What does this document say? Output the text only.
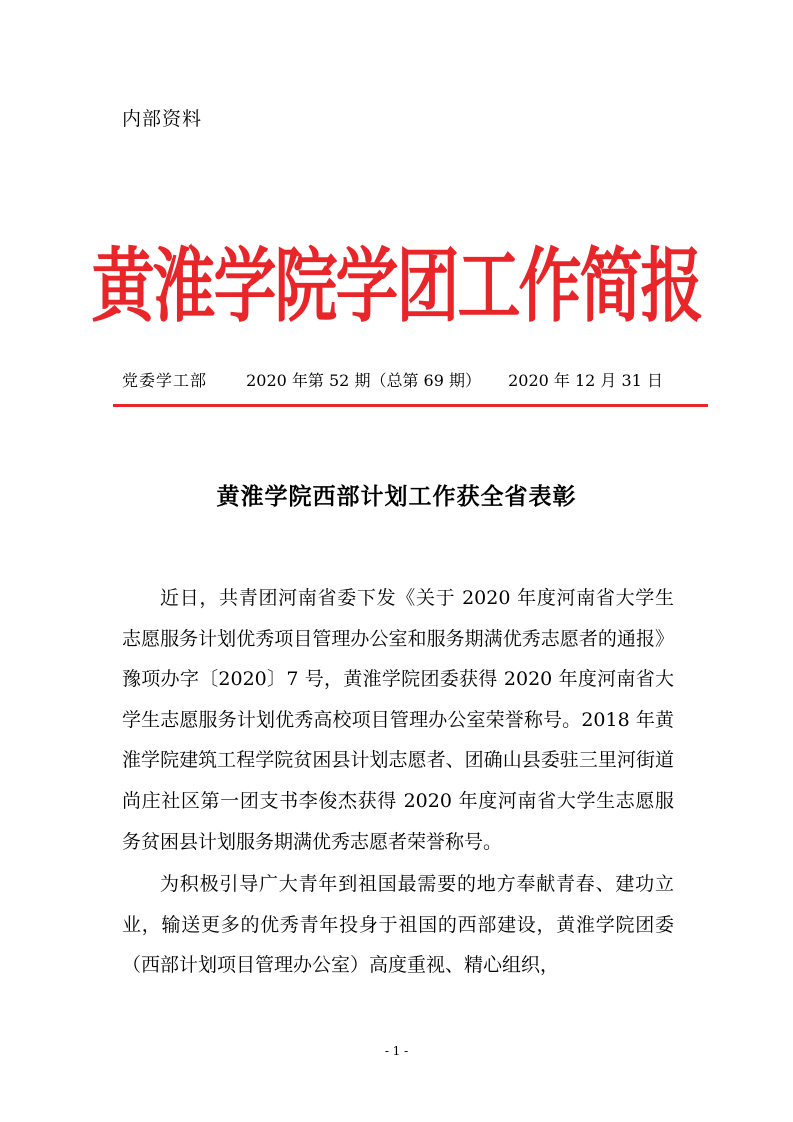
内部资料
黄淮学院学团工作简报
党委学工部 2020 年第 52 期（总第 69 期） 2020 年 12 月 31 日
黄淮学院西部计划工作获全省表彰

近日，共青团河南省委下发《关于 2020 年度河南省大学生志愿服务计划优秀项目管理办公室和服务期满优秀志愿者的通报》豫项办字〔2020〕7 号，黄淮学院团委获得 2020 年度河南省大学生志愿服务计划优秀高校项目管理办公室荣誉称号。2018 年黄淮学院建筑工程学院贫困县计划志愿者、团确山县委驻三里河街道尚庄社区第一团支书李俊杰获得 2020 年度河南省大学生志愿服务贫困县计划服务期满优秀志愿者荣誉称号。

为积极引导广大青年到祖国最需要的地方奉献青春、建功立业，输送更多的优秀青年投身于祖国的西部建设，黄淮学院团委（西部计划项目管理办公室）高度重视、精心组织，

- 1 -
